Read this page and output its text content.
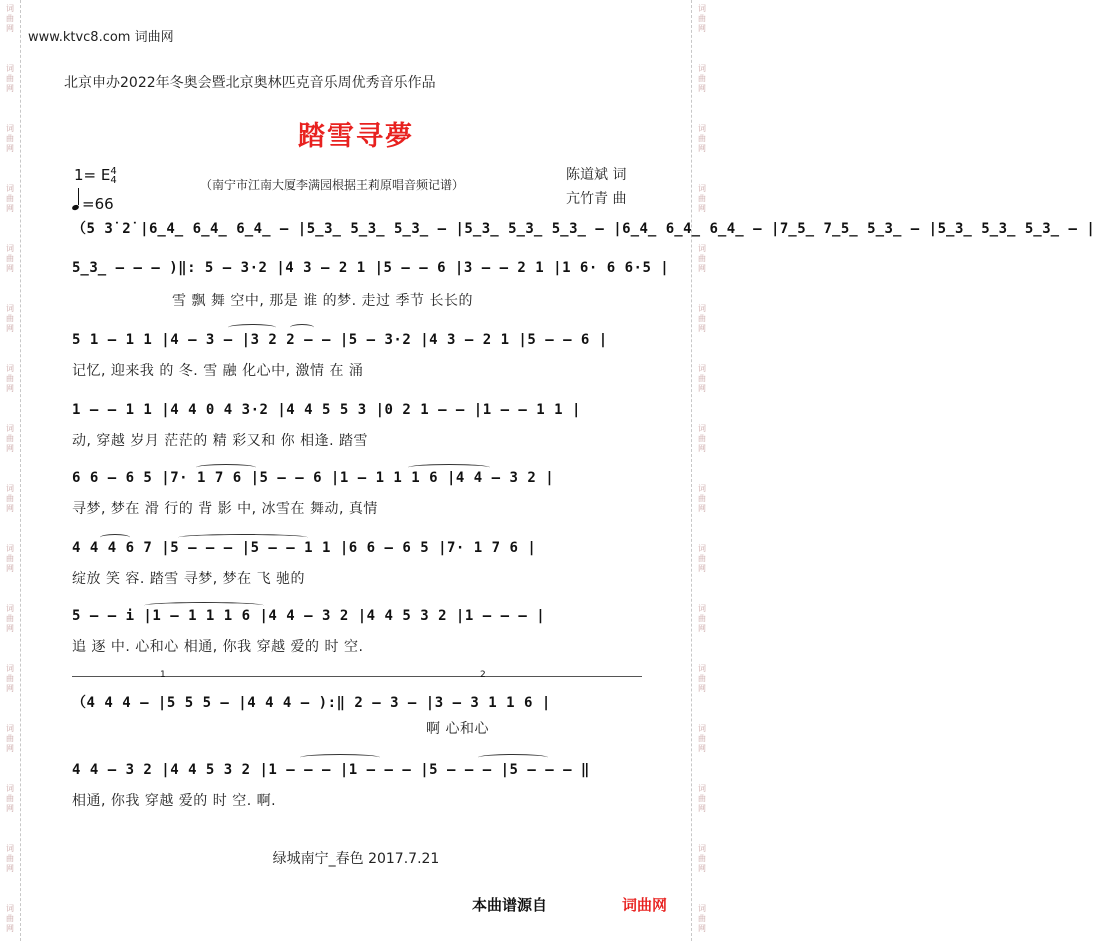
词
曲
网
词
曲
网
词
曲
网
词
曲
网
词
曲
网
词
曲
网
词
曲
网
词
曲
网
词
曲
网
词
曲
网
词
曲
网
词
曲
网
词
曲
网
词
曲
网
词
曲
网
词
曲
网
词
曲
网
词
曲
网
词
曲
网
词
曲
网
词
曲
网
词
曲
网
词
曲
网
词
曲
网
词
曲
网
词
曲
网
词
曲
网
词
曲
网
词
曲
网
词
曲
网
词
曲
网
词
曲
网
www.ktvc8.com 词曲网
北京申办2022年冬奥会暨北京奥林匹克音乐周优秀音乐作品
踏雪寻夢
1= E4
4
=66
（南宁市江南大厦李满园根据王莉原唱音频记谱）
陈道斌 词
亢竹青 曲
（5 3̇ 2̇ |6̲4̲ 6̲4̲ 6̲4̲ – |5̲3̲ 5̲3̲ 5̲3̲ – |5̲3̲ 5̲3̲ 5̲3̲ – |6̲4̲ 6̲4̲ 6̲4̲ – |7̲5̲ 7̲5̲ 5̲3̲ – |5̲3̲ 5̲3̲ 5̲3̲ – |
5̲3̲ – – – )‖: 5 – 3·2 |4 3 – 2 1 |5 – – 6 |3 – – 2 1 |1 6· 6 6·5 |
雪 飘 舞 空中, 那是 谁 的梦. 走过 季节 长长的
5 1 – 1 1 |4 – 3 – |3 2 2 – – |5 – 3·2 |4 3 – 2 1 |5 – – 6 |
记忆, 迎来我 的 冬. 雪 融 化心中, 激情 在 涌
1 – – 1 1 |4 4 0 4 3·2 |4 4 5 5 3 |0 2 1 – – |1 – – 1 1 |
动, 穿越 岁月 茫茫的 精 彩又和 你 相逢. 踏雪
6 6 – 6 5 |7· 1 7 6 |5 – – 6 |1 – 1 1 1 6 |4 4 – 3 2 |
寻梦, 梦在 滑 行的 背 影 中, 冰雪在 舞动, 真情
4 4 4 6 7 |5 – – – |5 – – 1 1 |6 6 – 6 5 |7· 1 7 6 |
绽放 笑 容. 踏雪 寻梦, 梦在 飞 驰的
5 – – i |1 – 1 1 1 6 |4 4 – 3 2 |4 4 5 3 2 |1 – – – |
追 逐 中. 心和心 相通, 你我 穿越 爱的 时 空.
1	2
（4 4 4 – |5 5 5 – |4 4 4 – ):‖ 2 – 3 – |3 – 3 1 1 6 |
啊 心和心
4 4 – 3 2 |4 4 5 3 2 |1 – – – |1 – – – |5 – – – |5 – – – ‖
相通, 你我 穿越 爱的 时 空. 啊.
绿城南宁_春色 2017.7.21
本曲谱源自	词曲网
